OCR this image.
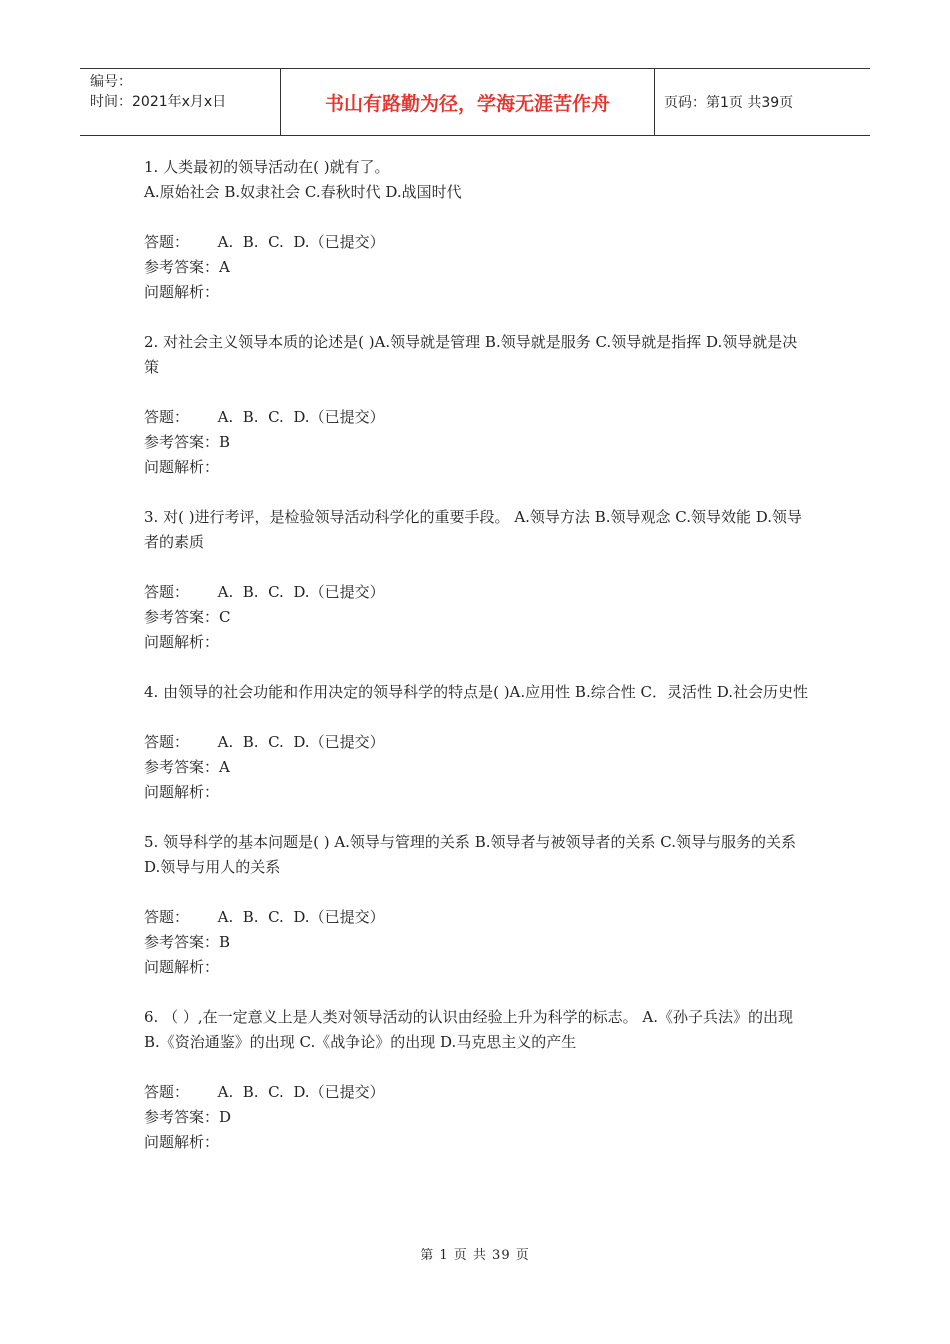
编号：
时间：2021年x月x日	书山有路勤为径，学海无涯苦作舟	页码：第1页 共39页
1. 人类最初的领导活动在( )就有了。
A.原始社会 B.奴隶社会 C.春秋时代 D.战国时代
答题：      A.  B.  C.  D.（已提交）
参考答案：A
问题解析：
2. 对社会主义领导本质的论述是( )A.领导就是管理 B.领导就是服务 C.领导就是指挥 D.领导就是决策
答题：      A.  B.  C.  D.（已提交）
参考答案：B
问题解析：
3. 对( )进行考评，是检验领导活动科学化的重要手段。 A.领导方法 B.领导观念 C.领导效能 D.领导者的素质
答题：      A.  B.  C.  D.（已提交）
参考答案：C
问题解析：
4. 由领导的社会功能和作用决定的领导科学的特点是( )A.应用性 B.综合性 C．灵活性 D.社会历史性
答题：      A.  B.  C.  D.（已提交）
参考答案：A
问题解析：
5. 领导科学的基本问题是( ) A.领导与管理的关系 B.领导者与被领导者的关系 C.领导与服务的关系 D.领导与用人的关系
答题：      A.  B.  C.  D.（已提交）
参考答案：B
问题解析：
6. （ ）,在一定意义上是人类对领导活动的认识由经验上升为科学的标志。 A.《孙子兵法》的出现 B.《资治通鉴》的出现 C.《战争论》的出现 D.马克思主义的产生
答题：      A.  B.  C.  D.（已提交）
参考答案：D
问题解析：
第 1 页 共 39 页
